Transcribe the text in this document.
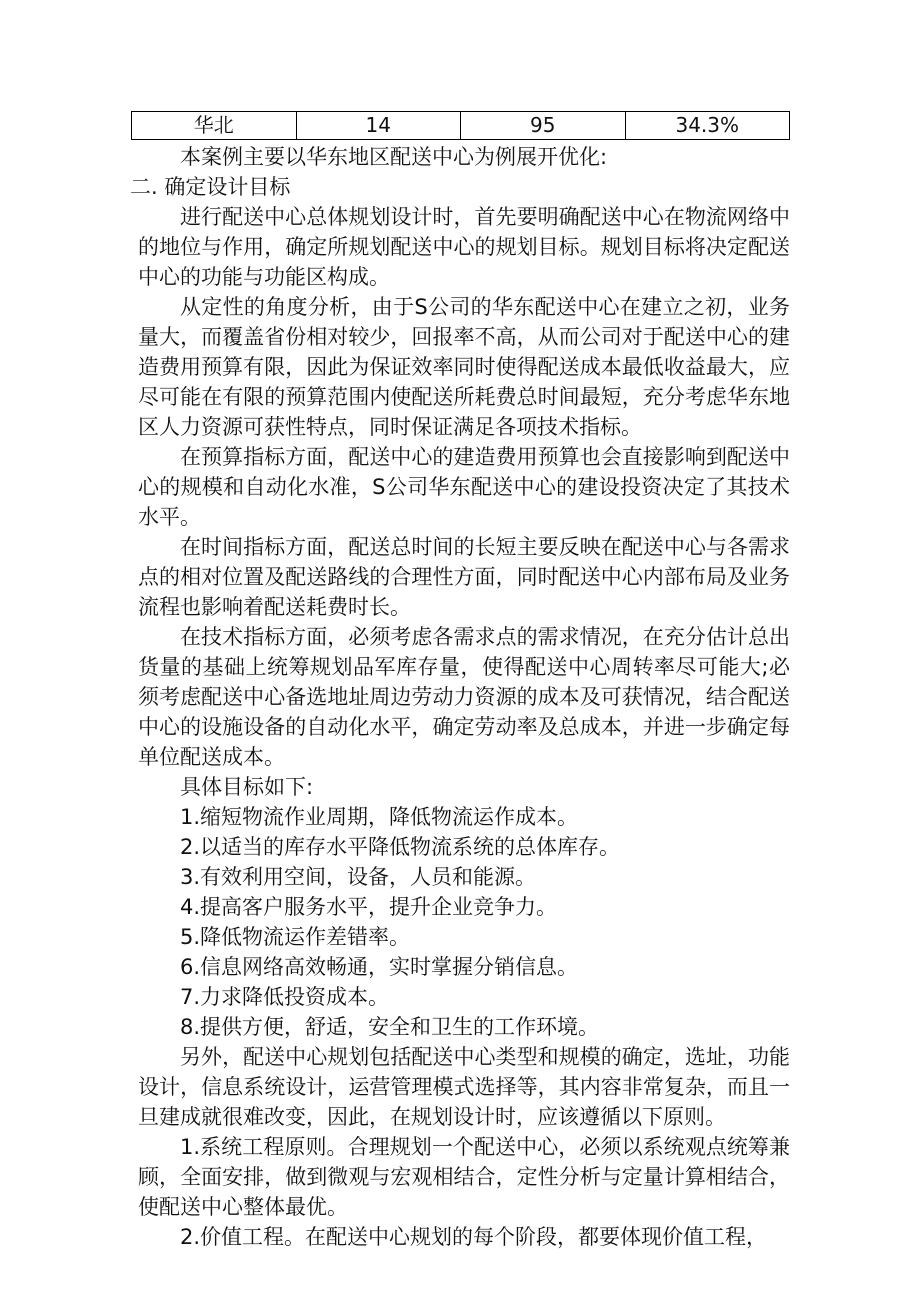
华北	14	95	34.3%

本案例主要以华东地区配送中心为例展开优化:

二. 确定设计目标

进行配送中心总体规划设计时，首先要明确配送中心在物流网络中的地位与作用，确定所规划配送中心的规划目标。规划目标将决定配送中心的功能与功能区构成。

从定性的角度分析，由于S公司的华东配送中心在建立之初，业务量大，而覆盖省份相对较少，回报率不高，从而公司对于配送中心的建造费用预算有限，因此为保证效率同时使得配送成本最低收益最大，应尽可能在有限的预算范围内使配送所耗费总时间最短，充分考虑华东地区人力资源可获性特点，同时保证满足各项技术指标。

在预算指标方面，配送中心的建造费用预算也会直接影响到配送中心的规模和自动化水准，S公司华东配送中心的建设投资决定了其技术水平。

在时间指标方面，配送总时间的长短主要反映在配送中心与各需求点的相对位置及配送路线的合理性方面，同时配送中心内部布局及业务流程也影响着配送耗费时长。

在技术指标方面，必须考虑各需求点的需求情况，在充分估计总出货量的基础上统筹规划品军库存量，使得配送中心周转率尽可能大;必须考虑配送中心备选地址周边劳动力资源的成本及可获情况，结合配送中心的设施设备的自动化水平，确定劳动率及总成本，并进一步确定每单位配送成本。

具体目标如下:

1.缩短物流作业周期，降低物流运作成本。

2.以适当的库存水平降低物流系统的总体库存。

3.有效利用空间，设备，人员和能源。

4.提高客户服务水平，提升企业竞争力。

5.降低物流运作差错率。

6.信息网络高效畅通，实时掌握分销信息。

7.力求降低投资成本。

8.提供方便，舒适，安全和卫生的工作环境。

另外，配送中心规划包括配送中心类型和规模的确定，选址，功能设计，信息系统设计，运营管理模式选择等，其内容非常复杂，而且一旦建成就很难改变，因此，在规划设计时，应该遵循以下原则。

1.系统工程原则。合理规划一个配送中心，必须以系统观点统筹兼顾，全面安排，做到微观与宏观相结合，定性分析与定量计算相结合，使配送中心整体最优。

2.价值工程。在配送中心规划的每个阶段，都要体现价值工程，
